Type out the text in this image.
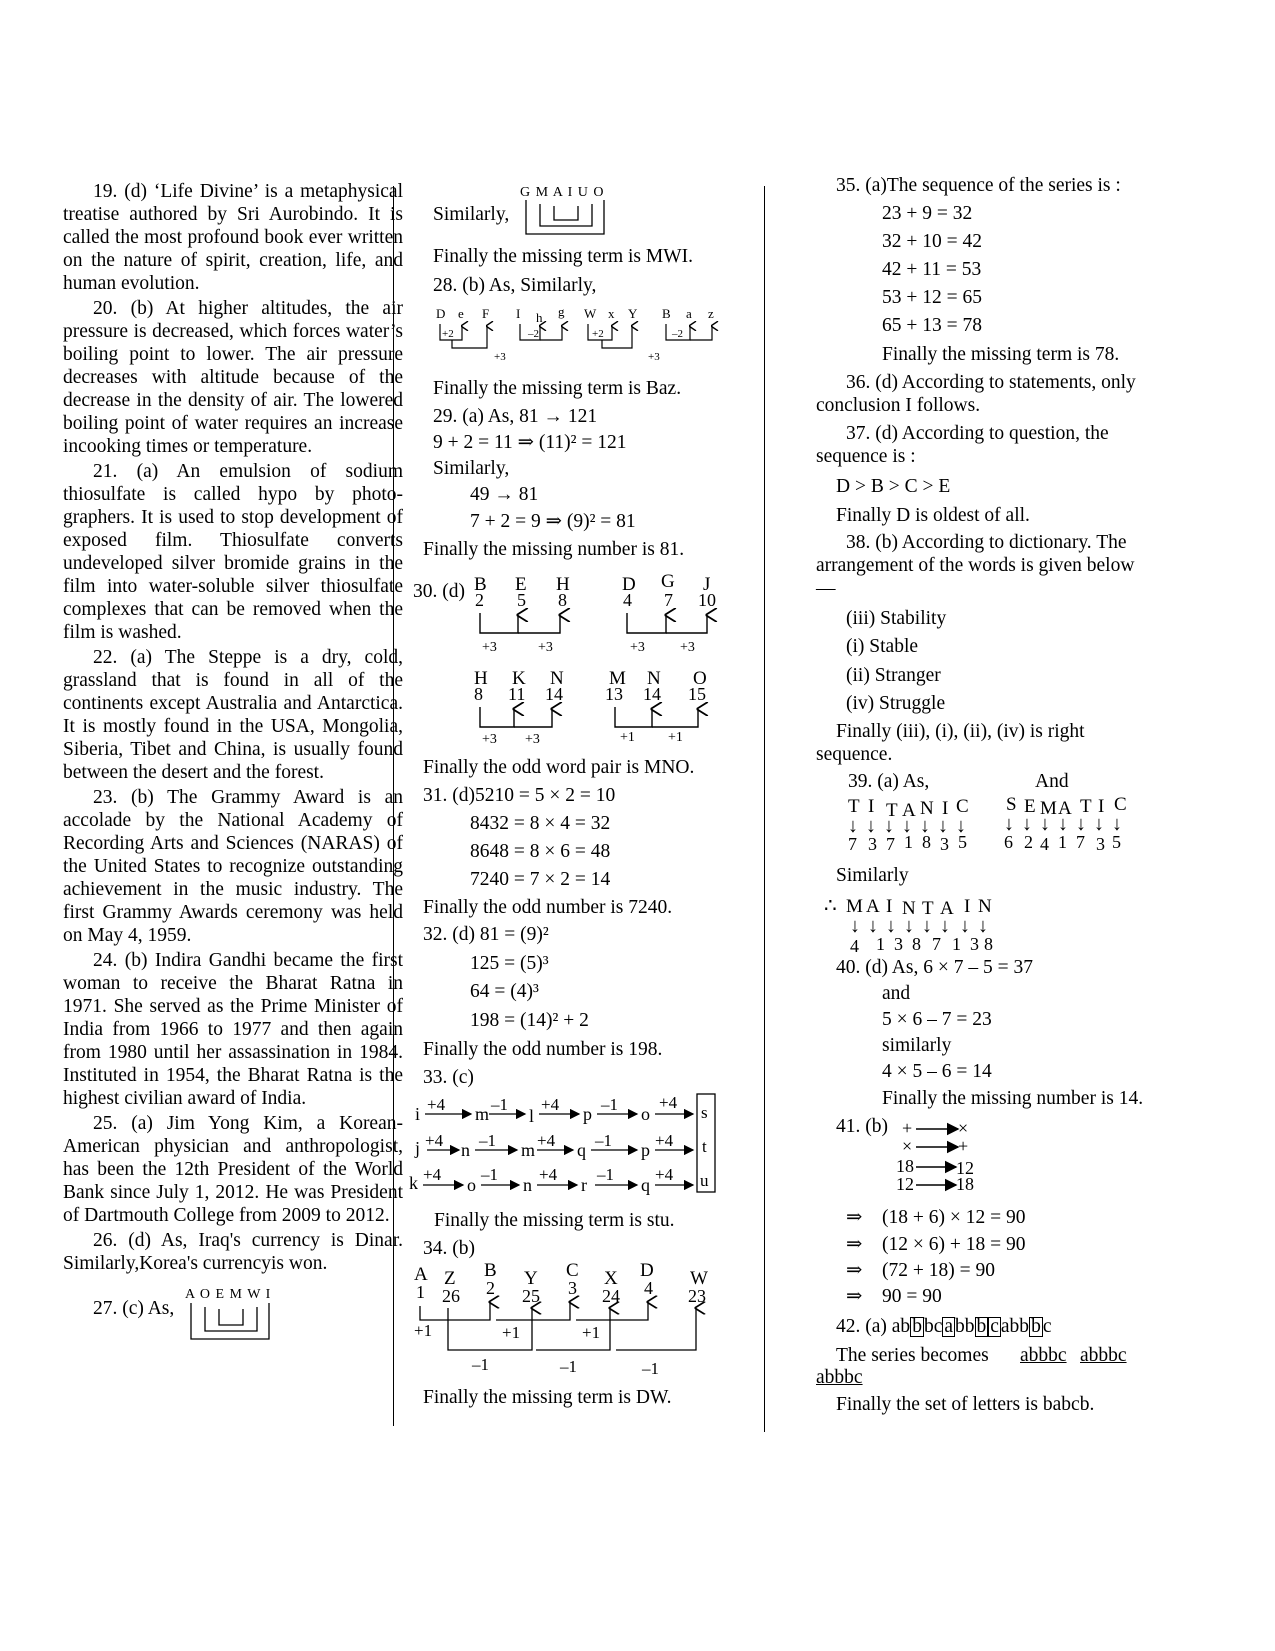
19. (d) ‘Life Divine’ is a metaphysical treatise authored by Sri Aurobindo. It is called the most profound book ever written on the nature of spirit, creation, life, and human evolution.

20. (b) At higher altitudes, the air pressure is decreased, which forces water’s boiling point to lower. The air pressure decreases with altitude because of the decrease in the density of air. The lowered boiling point of water requires an increase incooking times or temperature.

21. (a) An emulsion of sodium thiosulfate is called hypo by photo-graphers. It is used to stop development of exposed film. Thiosulfate converts undeveloped silver bromide grains in the film into water-soluble silver thiosulfate complexes that can be removed when the film is washed.

22. (a) The Steppe is a dry, cold, grassland that is found in all of the continents except Australia and Antarctica. It is mostly found in the USA, Mongolia, Siberia, Tibet and China, is usually found between the desert and the forest.

23. (b) The Grammy Award is an accolade by the National Academy of Recording Arts and Sciences (NARAS) of the United States to recognize outstanding achievement in the music industry. The first Grammy Awards ceremony was held on May 4, 1959.

24. (b) Indira Gandhi became the first woman to receive the Bharat Ratna in 1971. She served as the Prime Minister of India from 1966 to 1977 and then again from 1980 until her assassination in 1984. Instituted in 1954, the Bharat Ratna is the highest civilian award of India.

25. (a) Jim Yong Kim, a Korean-American physician and anthropologist, has been the 12th President of the World Bank since July 1, 2012. He was President of Dartmouth College from 2009 to 2012.

26. (d) As, Iraq's currency is Dinar. Similarly,Korea's currencyis won.

27. (c) As,
A O E M W I
G M A I U O
Similarly,
Finally the missing term is MWI.
28. (b) As, Similarly,
D e F I h g W x Y B a z
+2	–2	+2	–2
+3	+3
Finally the missing term is Baz.
29. (a) As, 81 → 121
9 + 2 = 11 ⇒ (11)² = 121
Similarly,
49 → 81
7 + 2 = 9 ⇒ (9)² = 81
Finally the missing number is 81.
30. (d) B E H	D G J
H K N M N O
2 5 8	4 7 10
8 11 14 13 14 15
+3	+3	+3	+3
+3 +3	+1 +1
Finally the odd word pair is MNO.
31. (d)5210 = 5 × 2 = 10
8432 = 8 × 4 = 32
8648 = 8 × 6 = 48
7240 = 7 × 2 = 14
Finally the odd number is 7240.
32. (d) 81 = (9)²
125 = (5)³
64 = (4)³
198 = (14)² + 2
Finally the odd number is 198.
33. (c)
i	m l	p	o
j n	m q	p
k	o	n	r	q
+4	–1 +4 –1 +4
+4 –1 +4 –1	+4
+4 –1 +4 –1 +4
s
t
u
Finally the missing term is stu.
34. (b)
A Z B Y C X D W
1 26 2 25 3 24 4 23
+1	+1	+1
–1	–1	–1
Finally the missing term is DW.
35. (a)The sequence of the series is :
23 + 9 = 32
32 + 10 = 42
42 + 11 = 53
53 + 12 = 65
65 + 13 = 78
Finally the missing term is 78.

36. (d) According to statements, only conclusion I follows.

37. (d) According to question, the sequence is :

D > B > C > E
Finally D is oldest of all.

38. (b) According to dictionary. The arrangement of the words is given below—

(iii) Stability
(i) Stable
(ii) Stranger
(iv) Struggle

Finally (iii), (i), (ii), (iv) is right sequence.

39. (a) As,	And
T I T A N I C S E M A T I C
↓ ↓ ↓ ↓ ↓ ↓ ↓ ↓ ↓ ↓ ↓ ↓ ↓ ↓
7 3 7 1 8 3 5 6 2 4 1 7 3 5
Similarly
∴ M A I N T A I N
↓ ↓ ↓ ↓ ↓ ↓ ↓ ↓
4 1 3 8 7 1 3 8
40. (d) As, 6 × 7 – 5 = 37
and
5 × 6 – 7 = 23
similarly
4 × 5 – 6 = 14
Finally the missing number is 14.
41. (b) +	×
×	+
18 12
12 18
⇒ (18 + 6) × 12 = 90
⇒ (12 × 6) + 18 = 90
⇒ (72 + 18) = 90
⇒ 90 = 90
42. (a) ab b bc a bb b c abb b c
The series becomes abbbc abbbc
abbbc
Finally the set of letters is babcb.
